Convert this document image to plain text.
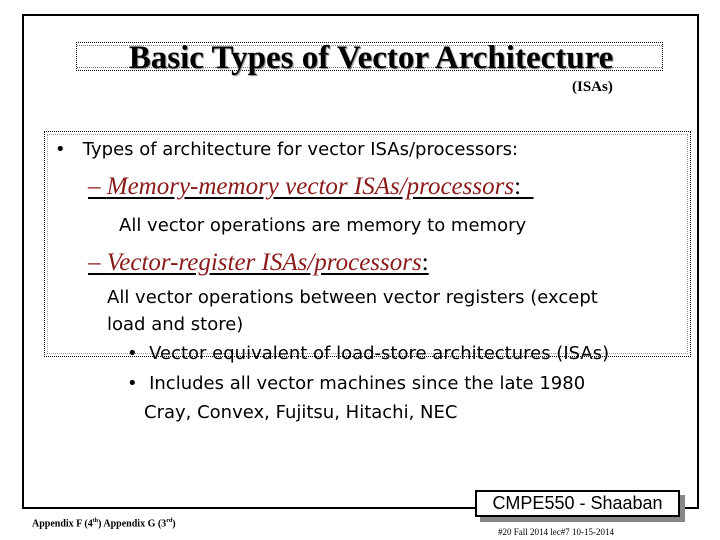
Basic Types of Vector Architecture
(ISAs)
• Types of architecture for vector ISAs/processors:
– Memory-memory vector ISAs/processors:
All vector operations are memory to memory
– Vector-register ISAs/processors:
All vector operations between vector registers (except
load and store)
• Vector equivalent of load-store architectures (ISAs)
• Includes all vector machines since the late 1980
Cray, Convex, Fujitsu, Hitachi, NEC
Appendix F (4th) Appendix G (3rd)
CMPE550 - Shaaban
#20 Fall 2014 lec#7 10-15-2014
